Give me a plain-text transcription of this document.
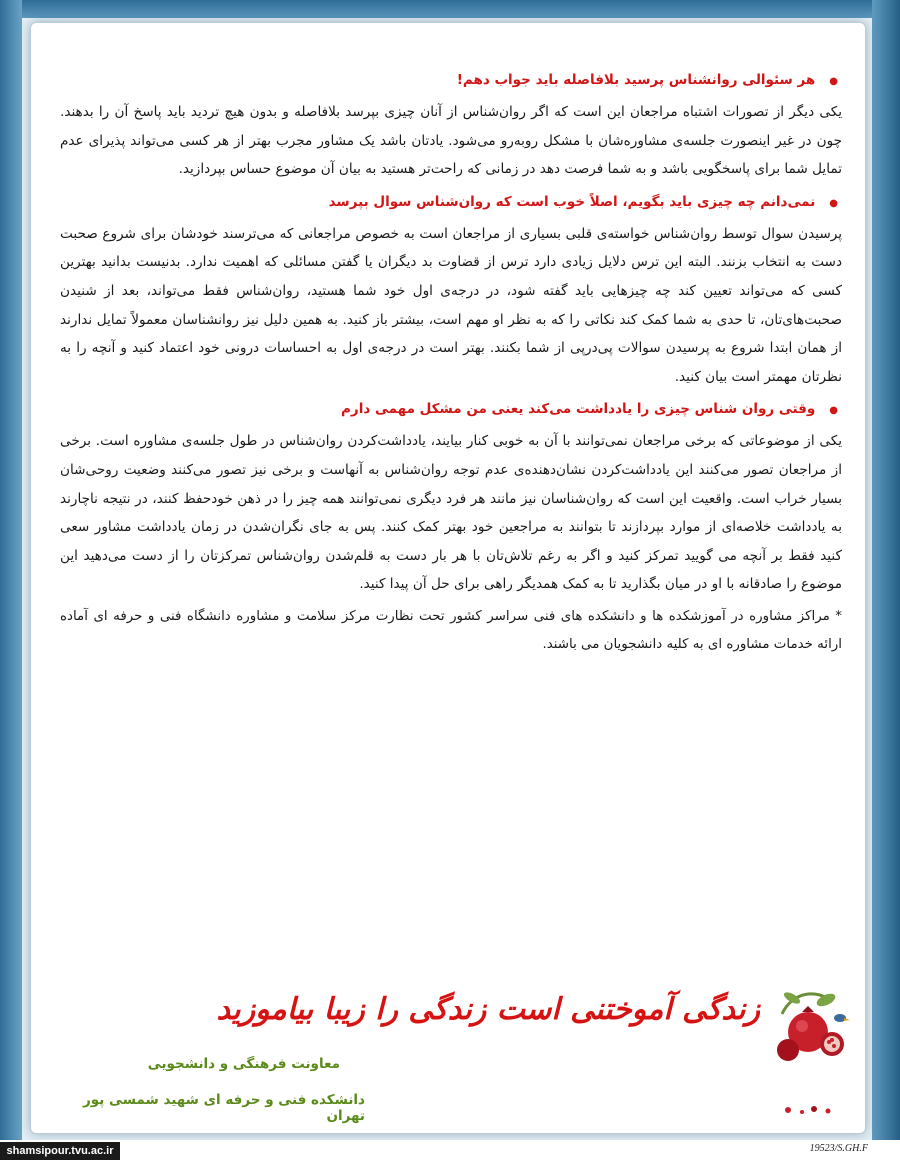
●هر سئوالی روانشناس پرسید بلافاصله باید جواب دهم!

یکی دیگر از تصورات اشتباه مراجعان این است که اگر روان‌شناس از آنان چیزی بپرسد بلافاصله و بدون هیچ تردید باید پاسخ آن را بدهند. چون در غیر اینصورت جلسه‌ی مشاوره‌شان با مشکل روبه‌رو می‌شود. یادتان باشد یک مشاور مجرب بهتر از هر کسی می‌تواند پذیرای عدم تمایل شما برای پاسخگویی باشد و به شما فرصت دهد در زمانی که راحت‌تر هستید به بیان آن موضوع حساس بپردازید.

●نمی‌دانم چه چیزی باید بگویم، اصلاً خوب است که روان‌شناس سوال بپرسد

پرسیدن سوال توسط روان‌شناس خواسته‌ی قلبی بسیاری از مراجعان است به خصوص مراجعانی که می‌ترسند خودشان برای شروع صحبت دست به انتخاب بزنند. البته این ترس دلایل زیادی دارد ترس از قضاوت بد دیگران یا گفتن مسائلی که اهمیت ندارد. بدنیست بدانید بهترین کسی که می‌تواند تعیین کند چه چیزهایی باید گفته شود، در درجه‌ی اول خود شما هستید، روان‌شناس فقط می‌تواند، بعد از شنیدن صحبت‌های‌تان، تا حدی به شما کمک کند نکاتی را که به نظر او مهم است، بیشتر باز کنید. به همین دلیل نیز روانشناسان معمولاً تمایل ندارند از همان ابتدا شروع به پرسیدن سوالات پی‌درپی از شما بکنند. بهتر است در درجه‌ی اول به احساسات درونی خود اعتماد کنید و آنچه را به نظرتان مهمتر است بیان کنید.

●وقتی روان شناس چیزی را یادداشت می‌کند یعنی من مشکل مهمی دارم

یکی از موضوعاتی که برخی مراجعان نمی‌توانند با آن به خوبی کنار بیایند، یادداشت‌کردن روان‌شناس در طول جلسه‌ی مشاوره است. برخی از مراجعان تصور می‌کنند این یادداشت‌کردن نشان‌دهنده‌ی عدم توجه روان‌شناس به آنهاست و برخی نیز تصور می‌کنند وضعیت روحی‌شان بسیار خراب است. واقعیت این است که روان‌شناسان نیز مانند هر فرد دیگری نمی‌توانند همه چیز را در ذهن خودحفظ کنند، در نتیجه ناچارند به یادداشت خلاصه‌ای از موارد بپردازند تا بتوانند به مراجعین خود بهتر کمک کنند. پس به جای نگران‌شدن در زمان یادداشت مشاور سعی کنید فقط بر آنچه می گویید تمرکز کنید و اگر به رغم تلاش‌تان با هر بار دست به قلم‌شدن روان‌شناس تمرکزتان را از دست می‌دهید این موضوع را صادقانه با او در میان بگذارید تا به کمک همدیگر راهی برای حل آن پیدا کنید.

* مراکز مشاوره در آموزشکده ها و دانشکده های فنی سراسر کشور تحت نظارت مرکز سلامت و مشاوره دانشگاه فنی و حرفه ای آماده ارائه خدمات مشاوره ای به کلیه دانشجویان می باشند.

زندگی آموختنی است زندگی را زیبا بیاموزید
معاونت فرهنگی و دانشجویی
دانشکده فنی و حرفه ای شهید شمسی پور تهران
shamsipour.tvu.ac.ir	19523/S.GH.F
